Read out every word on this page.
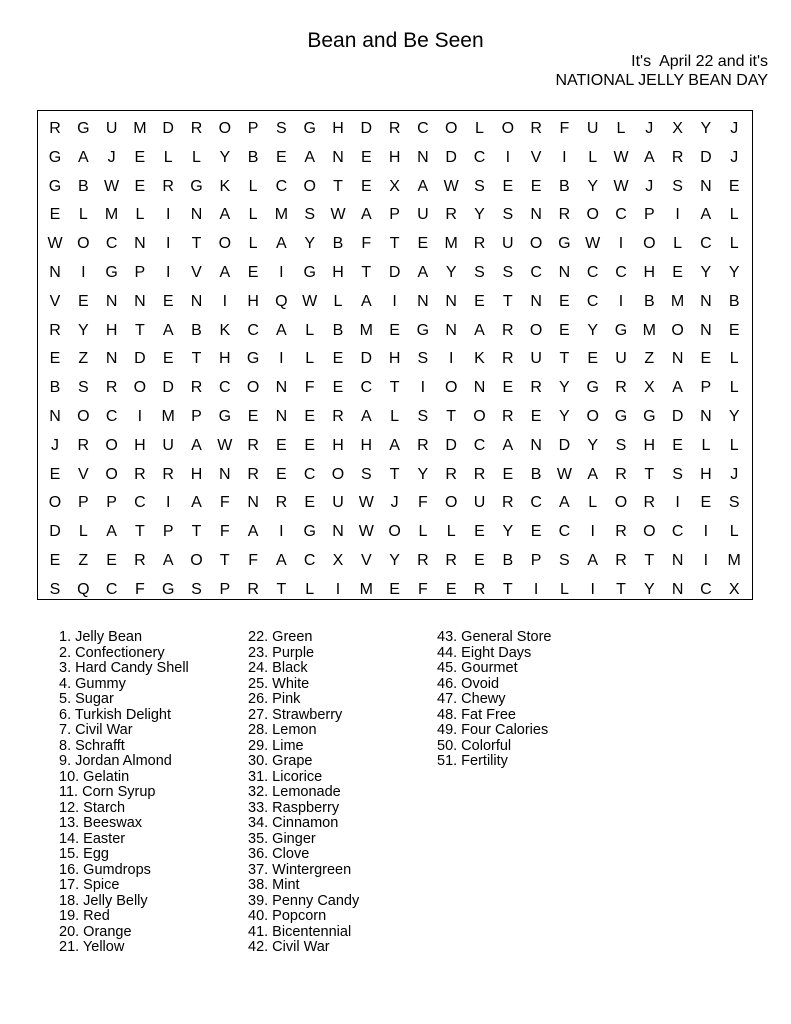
Bean and Be Seen
It's  April 22 and it's
NATIONAL JELLY BEAN DAY
R	G	U M D	R	O	P	S	G	H	D	R	C	O	L	O	R	F	U	L	J	X	Y	J
G	A	J	E	L	L	Y	B	E	A	N	E	H	N	D	C	I	V	I	L	W A	R	D	J
G	B W E	R	G	K	L	C	O	T	E	X	A W S	E	E	B	Y W	J	S	N	E
E	L	M	L	I	N	A	L	M	S W A	P	U	R	Y	S	N	R	O	C	P	I	A	L
W O	C	N	I	T	O	L	A	Y	B	F	T	E	M R	U	O G W	I	O	L	C	L
N	I	G	P	I	V	A	E	I	G	H	T	D	A	Y	S	S	C	N	C	C	H	E	Y	Y
V	E	N	N	E	N	I	H	Q W	L	A	I	N	N	E	T	N	E	C	I	B	M N	B
R	Y	H	T	A	B	K	C	A	L	B	M	E	G	N	A	R	O	E	Y	G M O	N	E
E	Z	N	D	E	T	H	G	I	L	E	D	H	S	I	K	R	U	T	E	U	Z	N	E	L
B	S	R	O	D	R	C	O	N	F	E	C	T	I	O	N	E	R	Y	G	R	X	A	P	L
N	O	C	I	M	P	G	E	N	E	R	A	L	S	T	O	R	E	Y	O G G	D	N	Y
J	R	O	H	U	A W R	E	E	H	H	A	R	D	C	A	N	D	Y	S	H	E	L	L
E	V	O	R	R	H	N	R	E	C	O	S	T	Y	R	R	E	B W A	R	T	S	H	J
O	P	P	C	I	A	F	N	R	E	U W	J	F	O	U	R	C	A	L	O	R	I	E	S
D	L	A	T	P	T	F	A	I	G	N W O	L	L	E	Y	E	C	I	R	O	C	I	L
E	Z	E	R	A	O	T	F	A	C	X	V	Y	R	R	E	B	P	S	A	R	T	N	I	M
S	Q	C	F	G	S	P	R	T	L	I	M	E	F	E	R	T	I	L	I	T	Y	N	C	X
1. Jelly Bean
2. Confectionery
3. Hard Candy Shell
4. Gummy
5. Sugar
6. Turkish Delight
7. Civil War
8. Schrafft
9. Jordan Almond
10. Gelatin
11. Corn Syrup
12. Starch
13. Beeswax
14. Easter
15. Egg
16. Gumdrops
17. Spice
18. Jelly Belly
19. Red
20. Orange
21. Yellow
22. Green
23. Purple
24. Black
25. White
26. Pink
27. Strawberry
28. Lemon
29. Lime
30. Grape
31. Licorice
32. Lemonade
33. Raspberry
34. Cinnamon
35. Ginger
36. Clove
37. Wintergreen
38. Mint
39. Penny Candy
40. Popcorn
41. Bicentennial
42. Civil War
43. General Store
44. Eight Days
45. Gourmet
46. Ovoid
47. Chewy
48. Fat Free
49. Four Calories
50. Colorful
51. Fertility
